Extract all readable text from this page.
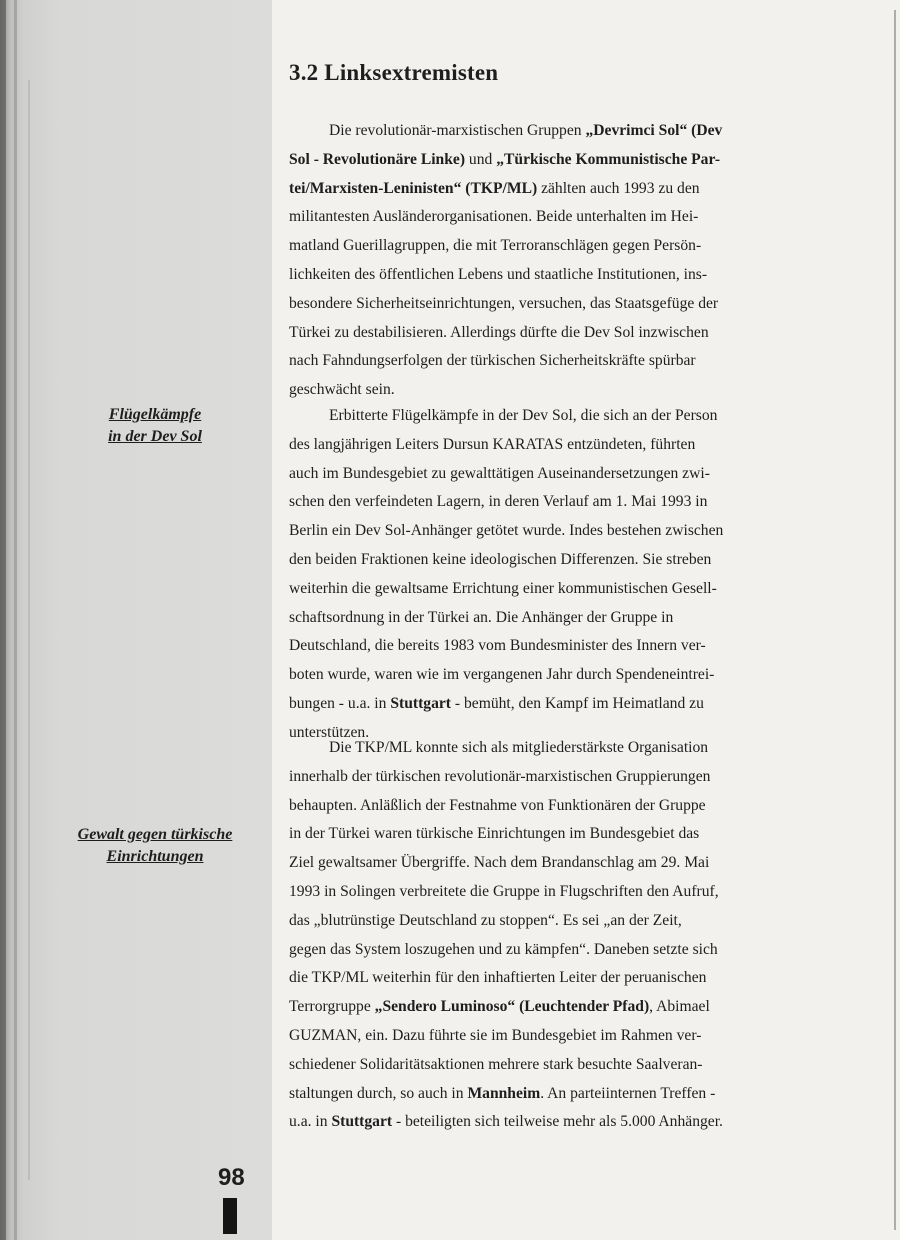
3.2 Linksextremisten
Die revolutionär-marxistischen Gruppen „Devrimci Sol“ (Dev
Sol - Revolutionäre Linke) und „Türkische Kommunistische Par-
tei/Marxisten-Leninisten“ (TKP/ML) zählten auch 1993 zu den
militantesten Ausländerorganisationen. Beide unterhalten im Hei-
matland Guerillagruppen, die mit Terroranschlägen gegen Persön-
lichkeiten des öffentlichen Lebens und staatliche Institutionen, ins-
besondere Sicherheitseinrichtungen, versuchen, das Staatsgefüge der
Türkei zu destabilisieren. Allerdings dürfte die Dev Sol inzwischen
nach Fahndungserfolgen der türkischen Sicherheitskräfte spürbar
geschwächt sein.
Erbitterte Flügelkämpfe in der Dev Sol, die sich an der Person
des langjährigen Leiters Dursun KARATAS entzündeten, führten
auch im Bundesgebiet zu gewalttätigen Auseinandersetzungen zwi-
schen den verfeindeten Lagern, in deren Verlauf am 1. Mai 1993 in
Berlin ein Dev Sol-Anhänger getötet wurde. Indes bestehen zwischen
den beiden Fraktionen keine ideologischen Differenzen. Sie streben
weiterhin die gewaltsame Errichtung einer kommunistischen Gesell-
schaftsordnung in der Türkei an. Die Anhänger der Gruppe in
Deutschland, die bereits 1983 vom Bundesminister des Innern ver-
boten wurde, waren wie im vergangenen Jahr durch Spendeneintrei-
bungen - u.a. in Stuttgart - bemüht, den Kampf im Heimatland zu
unterstützen.
Die TKP/ML konnte sich als mitgliederstärkste Organisation
innerhalb der türkischen revolutionär-marxistischen Gruppierungen
behaupten. Anläßlich der Festnahme von Funktionären der Gruppe
in der Türkei waren türkische Einrichtungen im Bundesgebiet das
Ziel gewaltsamer Übergriffe. Nach dem Brandanschlag am 29. Mai
1993 in Solingen verbreitete die Gruppe in Flugschriften den Aufruf,
das „blutrünstige Deutschland zu stoppen“. Es sei „an der Zeit,
gegen das System loszugehen und zu kämpfen“. Daneben setzte sich
die TKP/ML weiterhin für den inhaftierten Leiter der peruanischen
Terrorgruppe „Sendero Luminoso“ (Leuchtender Pfad), Abimael
GUZMAN, ein. Dazu führte sie im Bundesgebiet im Rahmen ver-
schiedener Solidaritätsaktionen mehrere stark besuchte Saalveran-
staltungen durch, so auch in Mannheim. An parteiinternen Treffen -
u.a. in Stuttgart - beteiligten sich teilweise mehr als 5.000 Anhänger.
Flügelkämpfe
in der Dev Sol
Gewalt gegen türkische
Einrichtungen
98
